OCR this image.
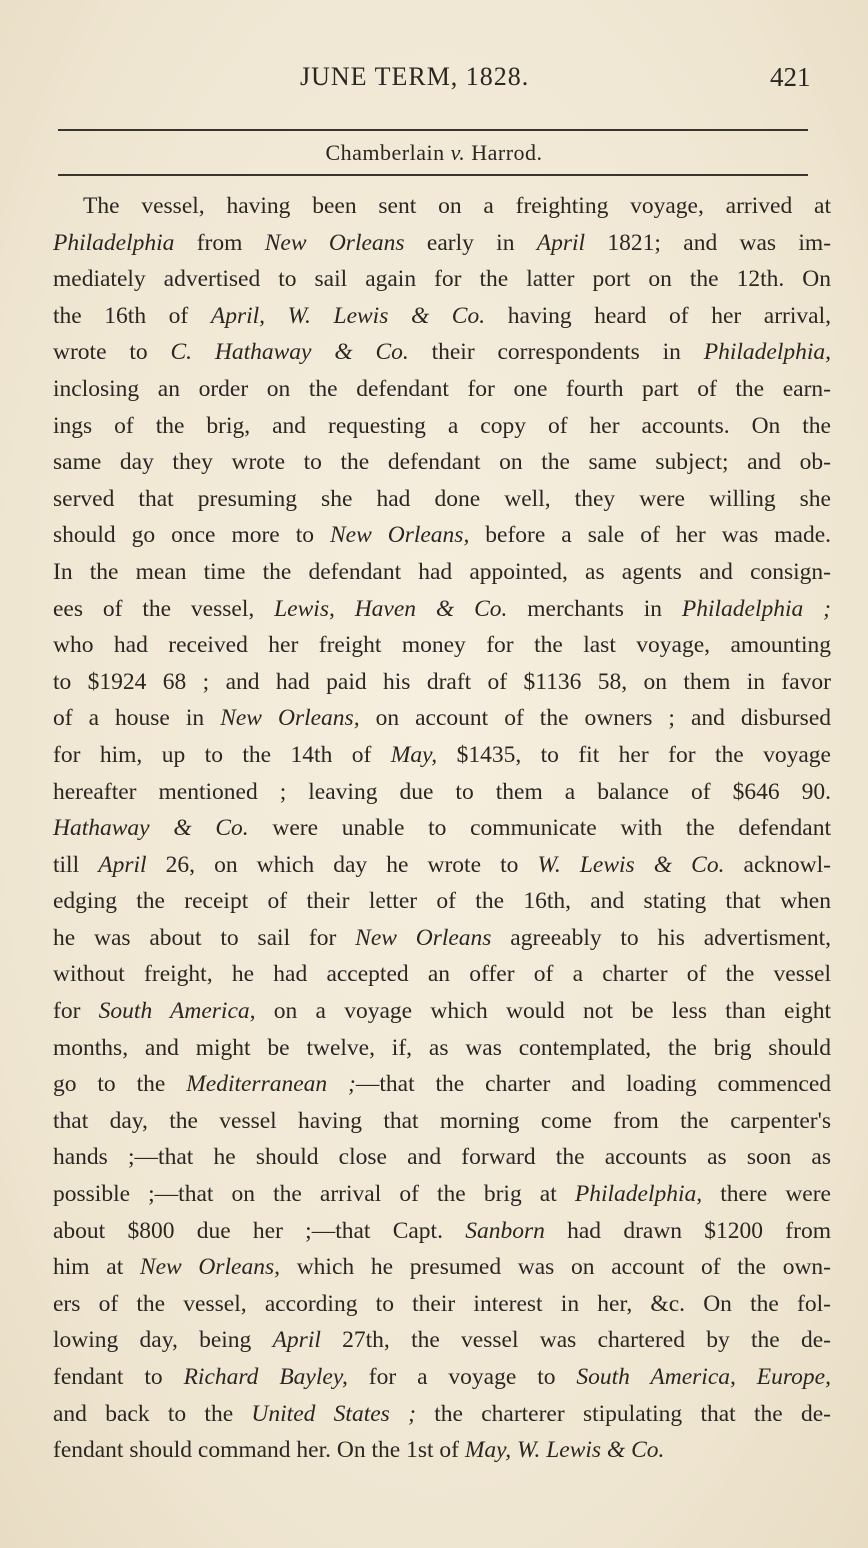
JUNE TERM, 1828.	421
Chamberlain v. Harrod.
The vessel, having been sent on a freighting voyage, arrived at
Philadelphia from New Orleans early in April 1821; and was im-
mediately advertised to sail again for the latter port on the 12th. On
the 16th of April, W. Lewis & Co. having heard of her arrival,
wrote to C. Hathaway & Co. their correspondents in Philadelphia,
inclosing an order on the defendant for one fourth part of the earn-
ings of the brig, and requesting a copy of her accounts. On the
same day they wrote to the defendant on the same subject; and ob-
served that presuming she had done well, they were willing she
should go once more to New Orleans, before a sale of her was made.
In the mean time the defendant had appointed, as agents and consign-
ees of the vessel, Lewis, Haven & Co. merchants in Philadelphia ;
who had received her freight money for the last voyage, amounting
to $1924 68 ; and had paid his draft of $1136 58, on them in favor
of a house in New Orleans, on account of the owners ; and disbursed
for him, up to the 14th of May, $1435, to fit her for the voyage
hereafter mentioned ; leaving due to them a balance of $646 90.
Hathaway & Co. were unable to communicate with the defendant
till April 26, on which day he wrote to W. Lewis & Co. acknowl-
edging the receipt of their letter of the 16th, and stating that when
he was about to sail for New Orleans agreeably to his advertisment,
without freight, he had accepted an offer of a charter of the vessel
for South America, on a voyage which would not be less than eight
months, and might be twelve, if, as was contemplated, the brig should
go to the Mediterranean ;—that the charter and loading commenced
that day, the vessel having that morning come from the carpenter's
hands ;—that he should close and forward the accounts as soon as
possible ;—that on the arrival of the brig at Philadelphia, there were
about $800 due her ;—that Capt. Sanborn had drawn $1200 from
him at New Orleans, which he presumed was on account of the own-
ers of the vessel, according to their interest in her, &c. On the fol-
lowing day, being April 27th, the vessel was chartered by the de-
fendant to Richard Bayley, for a voyage to South America, Europe,
and back to the United States ; the charterer stipulating that the de-
fendant should command her. On the 1st of May, W. Lewis & Co.
